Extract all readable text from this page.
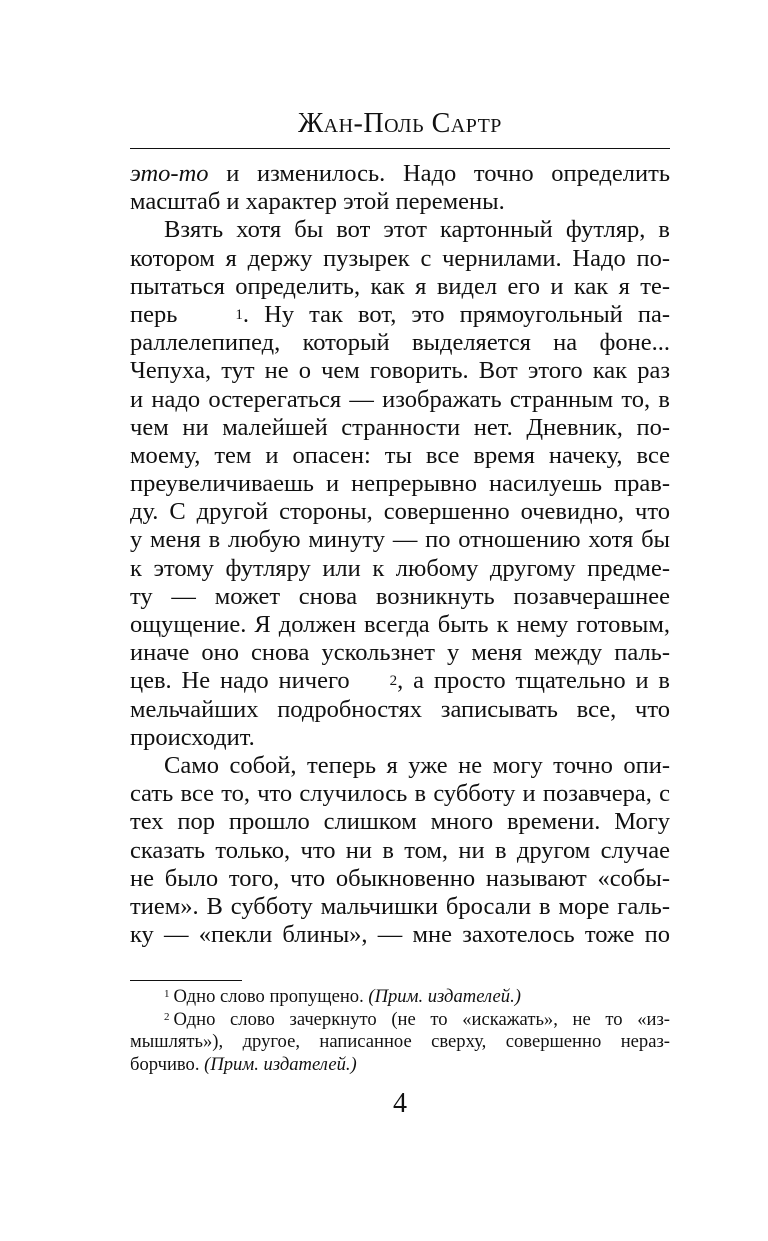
Жан-Поль Сартр
это-то и изменилось. Надо точно определить
масштаб и характер этой перемены.
Взять хотя бы вот этот картонный футляр, в
котором я держу пузырек с чернилами. Надо по-
пытаться определить, как я видел его и как я те-
перь	$^1$. Ну так вот, это прямоугольный па-
раллелепипед, который выделяется на фоне...
Чепуха, тут не о чем говорить. Вот этого как раз
и надо остерегаться — изображать странным то, в
чем ни малейшей странности нет. Дневник, по-
моему, тем и опасен: ты все время начеку, все
преувеличиваешь и непрерывно насилуешь прав-
ду. С другой стороны, совершенно очевидно, что
у меня в любую минуту — по отношению хотя бы
к этому футляру или к любому другому предме-
ту — может снова возникнуть позавчерашнее
ощущение. Я должен всегда быть к нему готовым,
иначе оно снова ускользнет у меня между паль-
цев. Не надо ничего	$^2$, а просто тщательно и в
мельчайших подробностях записывать все, что
происходит.
Само собой, теперь я уже не могу точно опи-
сать все то, что случилось в субботу и позавчера, с
тех пор прошло слишком много времени. Могу
сказать только, что ни в том, ни в другом случае
не было того, что обыкновенно называют «собы-
тием». В субботу мальчишки бросали в море галь-
ку — «пекли блины», — мне захотелось тоже по
$^1$ Одно слово пропущено. (Прим. издателей.)
$^2$ Одно слово зачеркнуто (не то «искажать», не то «из-
мышлять»), другое, написанное сверху, совершенно нераз-
борчиво. (Прим. издателей.)
4
